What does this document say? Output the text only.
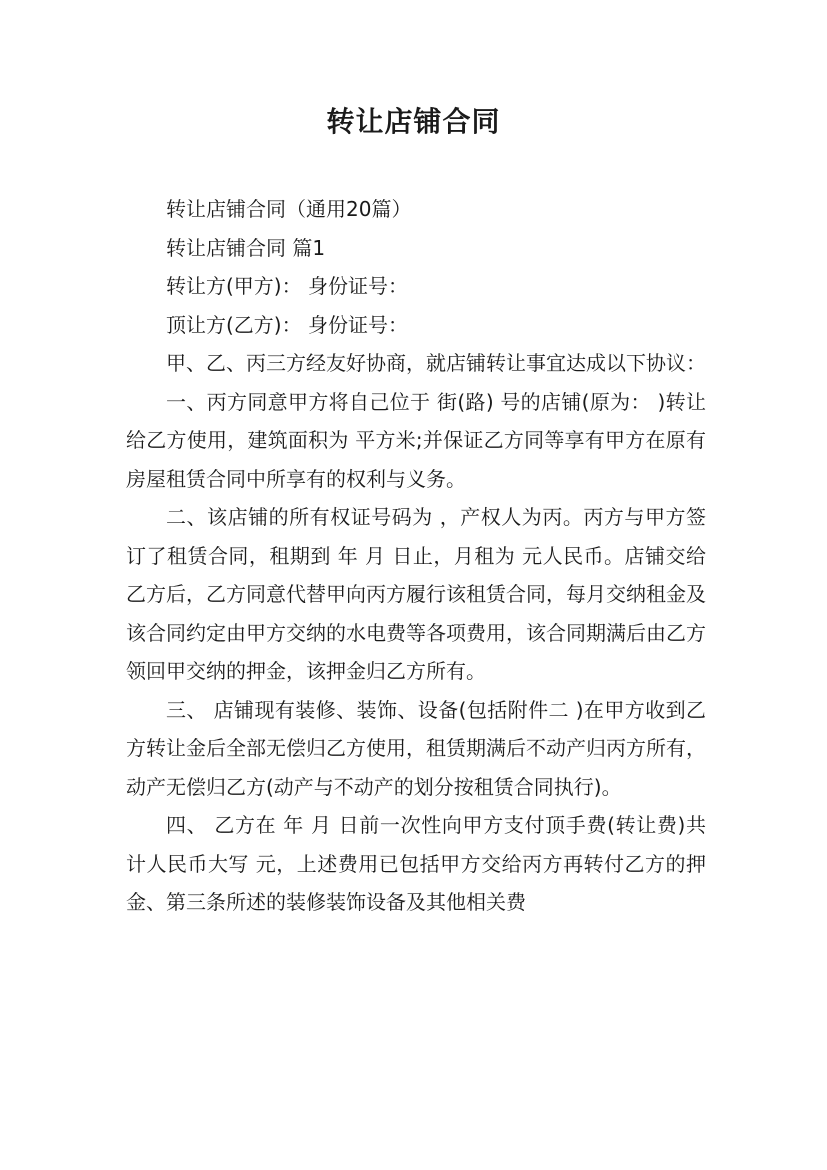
转让店铺合同

转让店铺合同（通用20篇）

转让店铺合同 篇1

转让方(甲方)： 身份证号：

顶让方(乙方)： 身份证号：

甲、乙、丙三方经友好协商，就店铺转让事宜达成以下协议：

一、丙方同意甲方将自己位于 街(路) 号的店铺(原为： )转让给乙方使用，建筑面积为 平方米;并保证乙方同等享有甲方在原有房屋租赁合同中所享有的权利与义务。

二、该店铺的所有权证号码为 ，产权人为丙。丙方与甲方签订了租赁合同，租期到 年 月 日止，月租为 元人民币。店铺交给乙方后，乙方同意代替甲向丙方履行该租赁合同，每月交纳租金及该合同约定由甲方交纳的水电费等各项费用，该合同期满后由乙方领回甲交纳的押金，该押金归乙方所有。

三、 店铺现有装修、装饰、设备(包括附件二 )在甲方收到乙方转让金后全部无偿归乙方使用，租赁期满后不动产归丙方所有，动产无偿归乙方(动产与不动产的划分按租赁合同执行)。

四、 乙方在 年 月 日前一次性向甲方支付顶手费(转让费)共计人民币大写 元，上述费用已包括甲方交给丙方再转付乙方的押金、第三条所述的装修装饰设备及其他相关费
